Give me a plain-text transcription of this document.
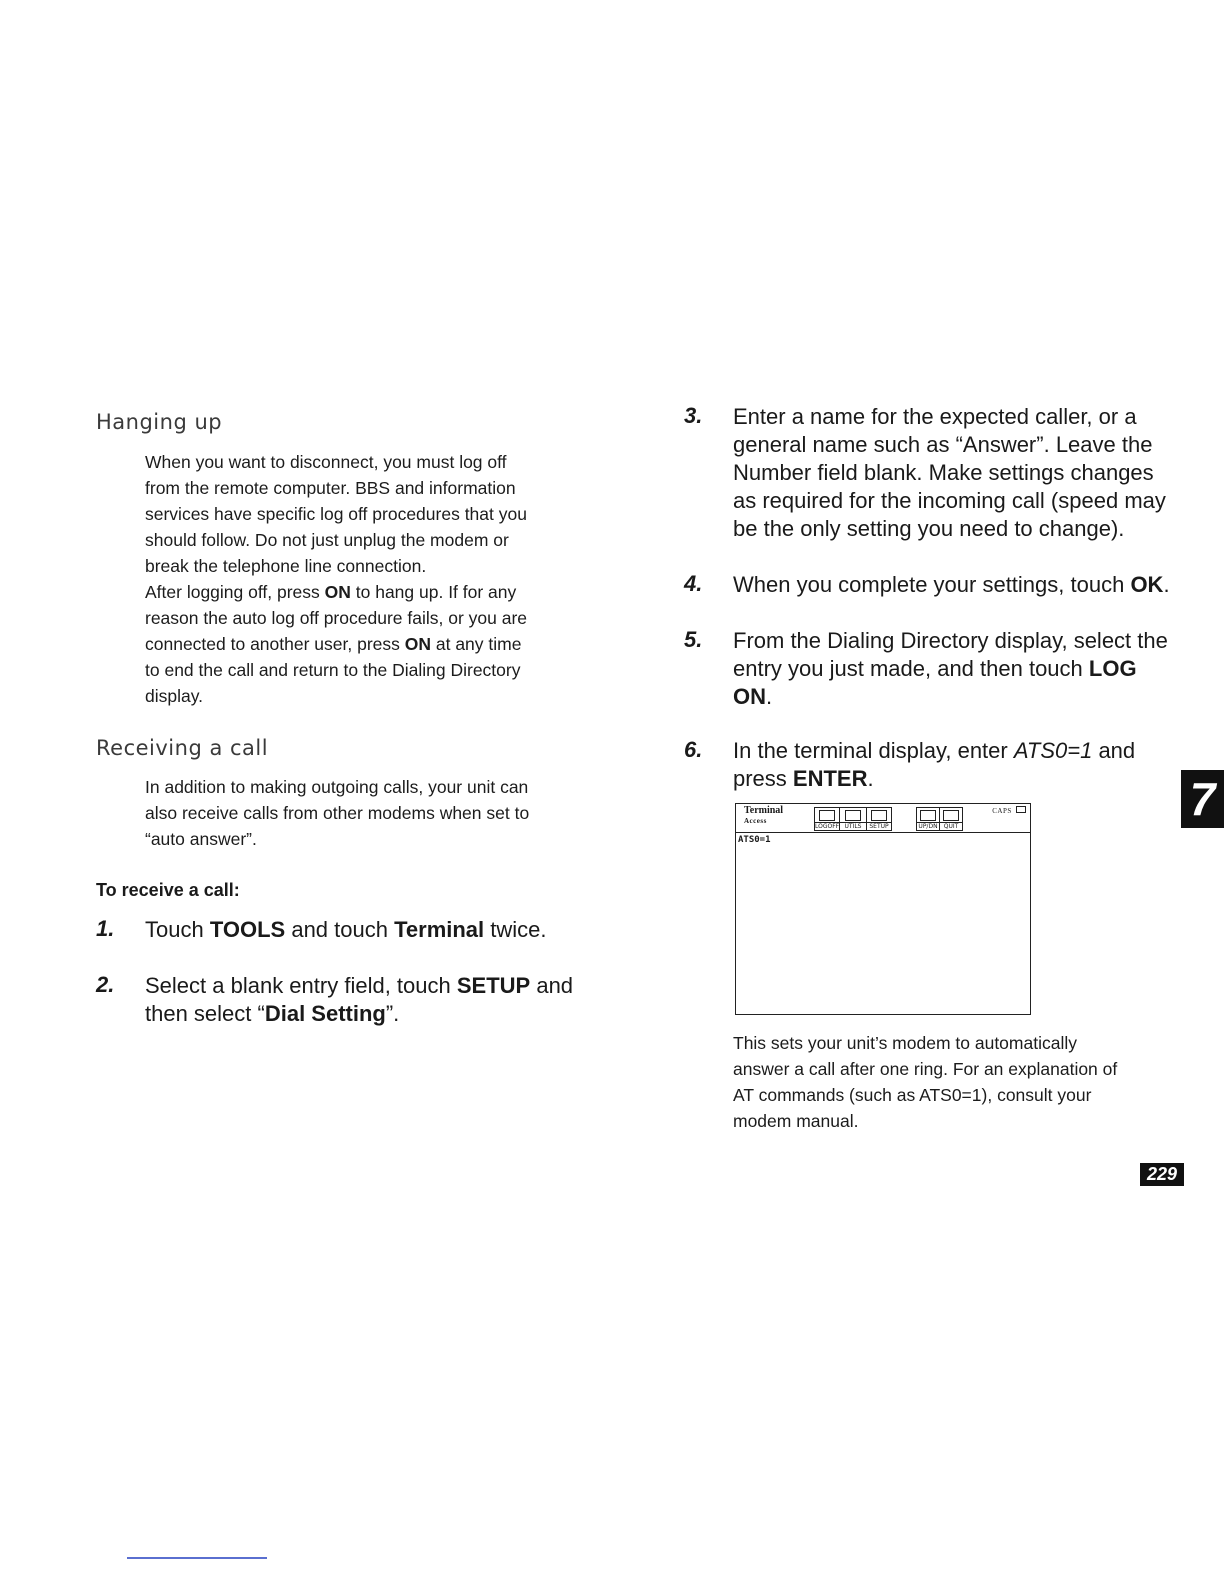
Hanging up
When you want to disconnect, you must log off
from the remote computer. BBS and information
services have specific log off procedures that you
should follow. Do not just unplug the modem or
break the telephone line connection.
After logging off, press ON to hang up. If for any
reason the auto log off procedure fails, or you are
connected to another user, press ON at any time
to end the call and return to the Dialing Directory
display.
Receiving a call
In addition to making outgoing calls, your unit can
also receive calls from other modems when set to
“auto answer”.
To receive a call:
1. Touch TOOLS and touch Terminal twice.
2. Select a blank entry field, touch SETUP and
then select “Dial Setting”.
3. Enter a name for the expected caller, or a
general name such as “Answer”. Leave the
Number field blank. Make settings changes
as required for the incoming call (speed may
be the only setting you need to change).
4. When you complete your settings, touch OK.
5. From the Dialing Directory display, select the
entry you just made, and then touch LOG
ON.
6. In the terminal display, enter ATS0=1 and
press ENTER.
Terminal
Access
LOGOFF UTILS	SETUP	UP/DN	QUIT
CAPS
ATS0=1
This sets your unit’s modem to automatically
answer a call after one ring. For an explanation of
AT commands (such as ATS0=1), consult your
modem manual.
7
229
